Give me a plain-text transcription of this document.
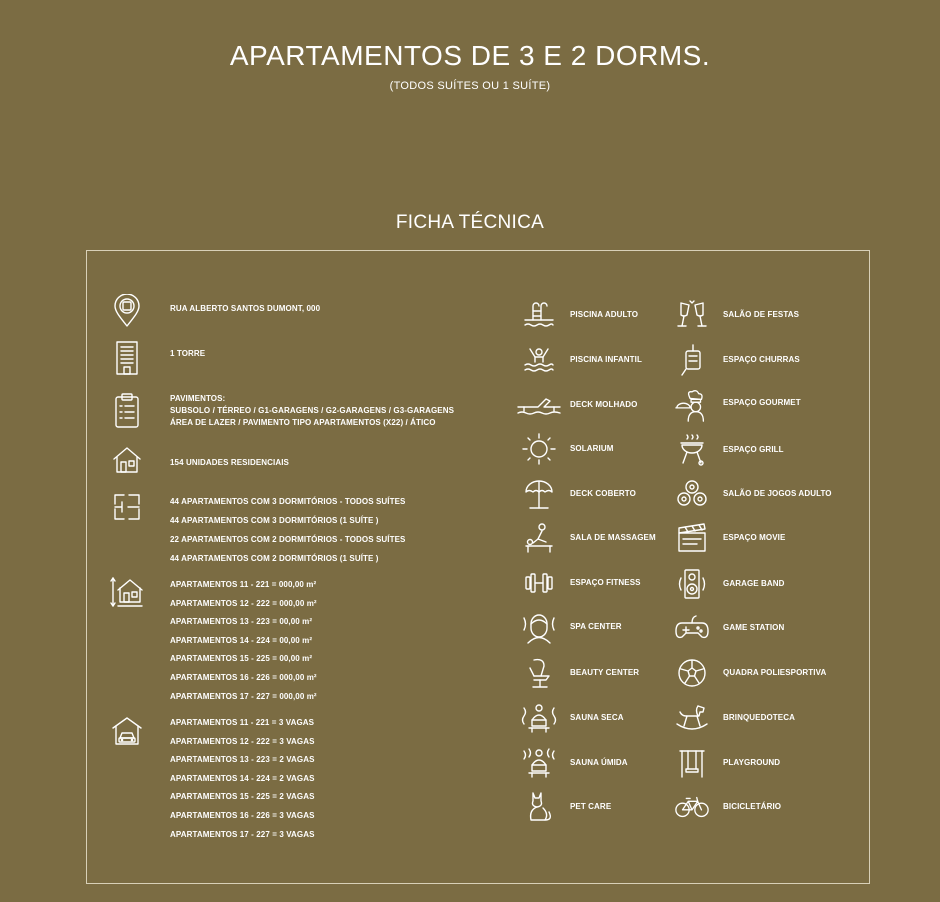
APARTAMENTOS DE 3 E 2 DORMS.
(TODOS SUÍTES OU 1 SUÍTE)
FICHA TÉCNICA
RUA ALBERTO SANTOS DUMONT, 000
1 TORRE
PAVIMENTOS:
SUBSOLO / TÉRREO / G1-GARAGENS / G2-GARAGENS / G3-GARAGENS
ÁREA DE LAZER / PAVIMENTO TIPO APARTAMENTOS (X22) / ÁTICO
154 UNIDADES RESIDENCIAIS
44 APARTAMENTOS COM 3 DORMITÓRIOS - TODOS SUÍTES
44 APARTAMENTOS COM 3 DORMITÓRIOS (1 SUÍTE )
22 APARTAMENTOS COM 2 DORMITÓRIOS - TODOS SUÍTES
44 APARTAMENTOS COM 2 DORMITÓRIOS (1 SUÍTE )
APARTAMENTOS 11 - 221 = 000,00 m²
APARTAMENTOS 12 - 222 = 000,00 m²
APARTAMENTOS 13 - 223 = 00,00 m²
APARTAMENTOS 14 - 224 = 00,00 m²
APARTAMENTOS 15 - 225 = 00,00 m²
APARTAMENTOS 16 - 226 = 000,00 m²
APARTAMENTOS 17 - 227 = 000,00 m²
APARTAMENTOS 11 - 221 = 3 VAGAS
APARTAMENTOS 12 - 222 = 3 VAGAS
APARTAMENTOS 13 - 223 = 2 VAGAS
APARTAMENTOS 14 - 224 = 2 VAGAS
APARTAMENTOS 15 - 225 = 2 VAGAS
APARTAMENTOS 16 - 226 = 3 VAGAS
APARTAMENTOS 17 - 227 = 3 VAGAS
PISCINA ADULTO
PISCINA INFANTIL
DECK MOLHADO
SOLARIUM
DECK COBERTO
SALA DE MASSAGEM
ESPAÇO FITNESS
SPA CENTER
BEAUTY CENTER
SAUNA SECA
SAUNA ÚMIDA
PET CARE
SALÃO DE FESTAS
ESPAÇO CHURRAS
ESPAÇO GOURMET
ESPAÇO GRILL
SALÃO DE JOGOS ADULTO
ESPAÇO MOVIE
GARAGE BAND
GAME STATION
QUADRA POLIESPORTIVA
BRINQUEDOTECA
PLAYGROUND
BICICLETÁRIO
